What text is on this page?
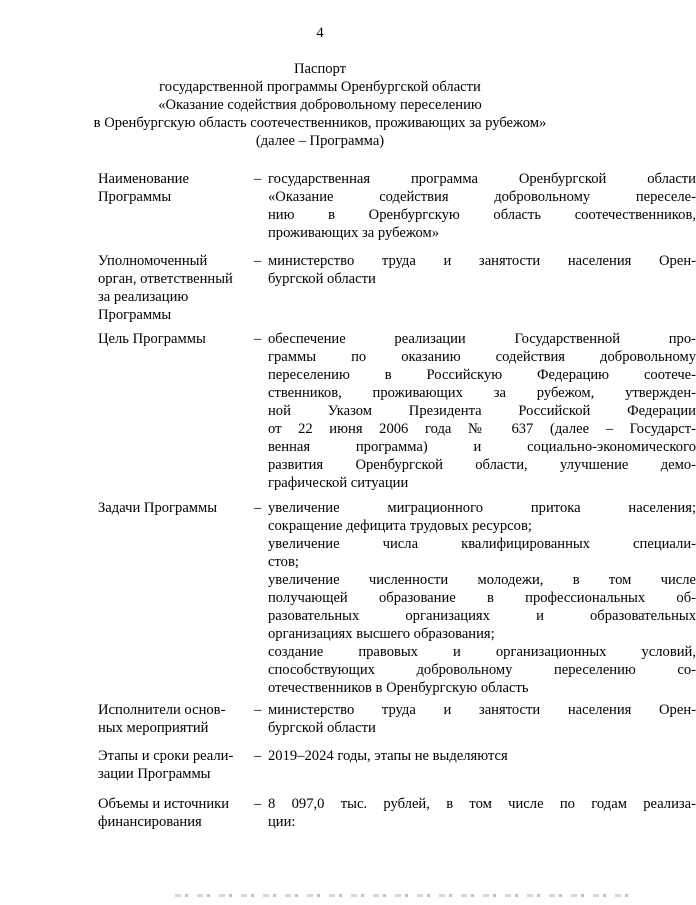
4
Паспорт
государственной программы Оренбургской области
«Оказание содействия добровольному переселению
в Оренбургскую область соотечественников, проживающих за рубежом»
(далее – Программа)
Наименование
Программы
– государственная программа Оренбургской области
«Оказание содействия добровольному переселе-
нию в Оренбургскую область соотечественников,
проживающих за рубежом»
Уполномоченный
орган, ответственный
за реализацию
Программы
– министерство труда и занятости населения Орен-
бургской области
Цель Программы	– обеспечение реализации Государственной про-
граммы по оказанию содействия добровольному
переселению в Российскую Федерацию соотече-
ственников, проживающих за рубежом, утвержден-
ной Указом Президента Российской Федерации
от 22 июня 2006 года № 637 (далее – Государст-
венная программа) и социально-экономического
развития Оренбургской области, улучшение демо-
графической ситуации
Задачи Программы	– увеличение миграционного притока населения;
сокращение дефицита трудовых ресурсов;
увеличение числа квалифицированных специали-
стов;
увеличение численности молодежи, в том числе
получающей образование в профессиональных об-
разовательных организациях и образовательных
организациях высшего образования;
создание правовых и организационных условий,
способствующих добровольному переселению со-
отечественников в Оренбургскую область
Исполнители основ-
ных мероприятий
– министерство труда и занятости населения Орен-
бургской области
Этапы и сроки реали-
зации Программы
– 2019–2024 годы, этапы не выделяются
Объемы и источники
финансирования
– 8 097,0 тыс. рублей, в том числе по годам реализа-
ции:
